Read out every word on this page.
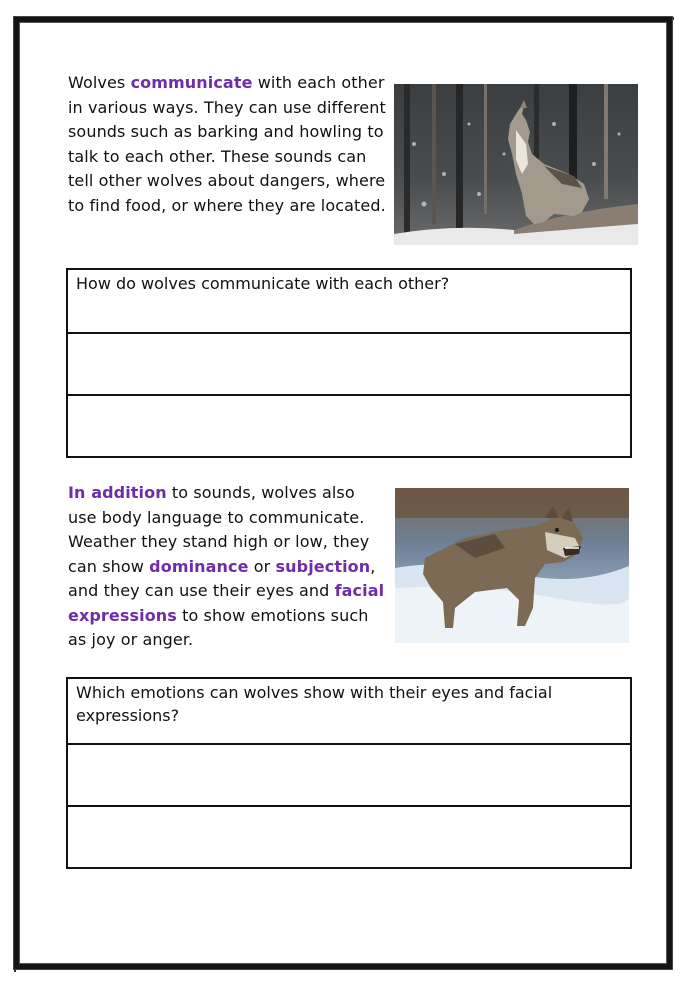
Wolves communicate with each other in various ways. They can use different sounds such as barking and howling to talk to each other. These sounds can tell other wolves about dangers, where to find food, or where they are located.

How do wolves communicate with each other?

In addition to sounds, wolves also use body language to communicate. Weather they stand high or low, they can show dominance or subjection, and they can use their eyes and facial expressions to show emotions such as joy or anger.

Which emotions can wolves show with their eyes and facial expressions?
